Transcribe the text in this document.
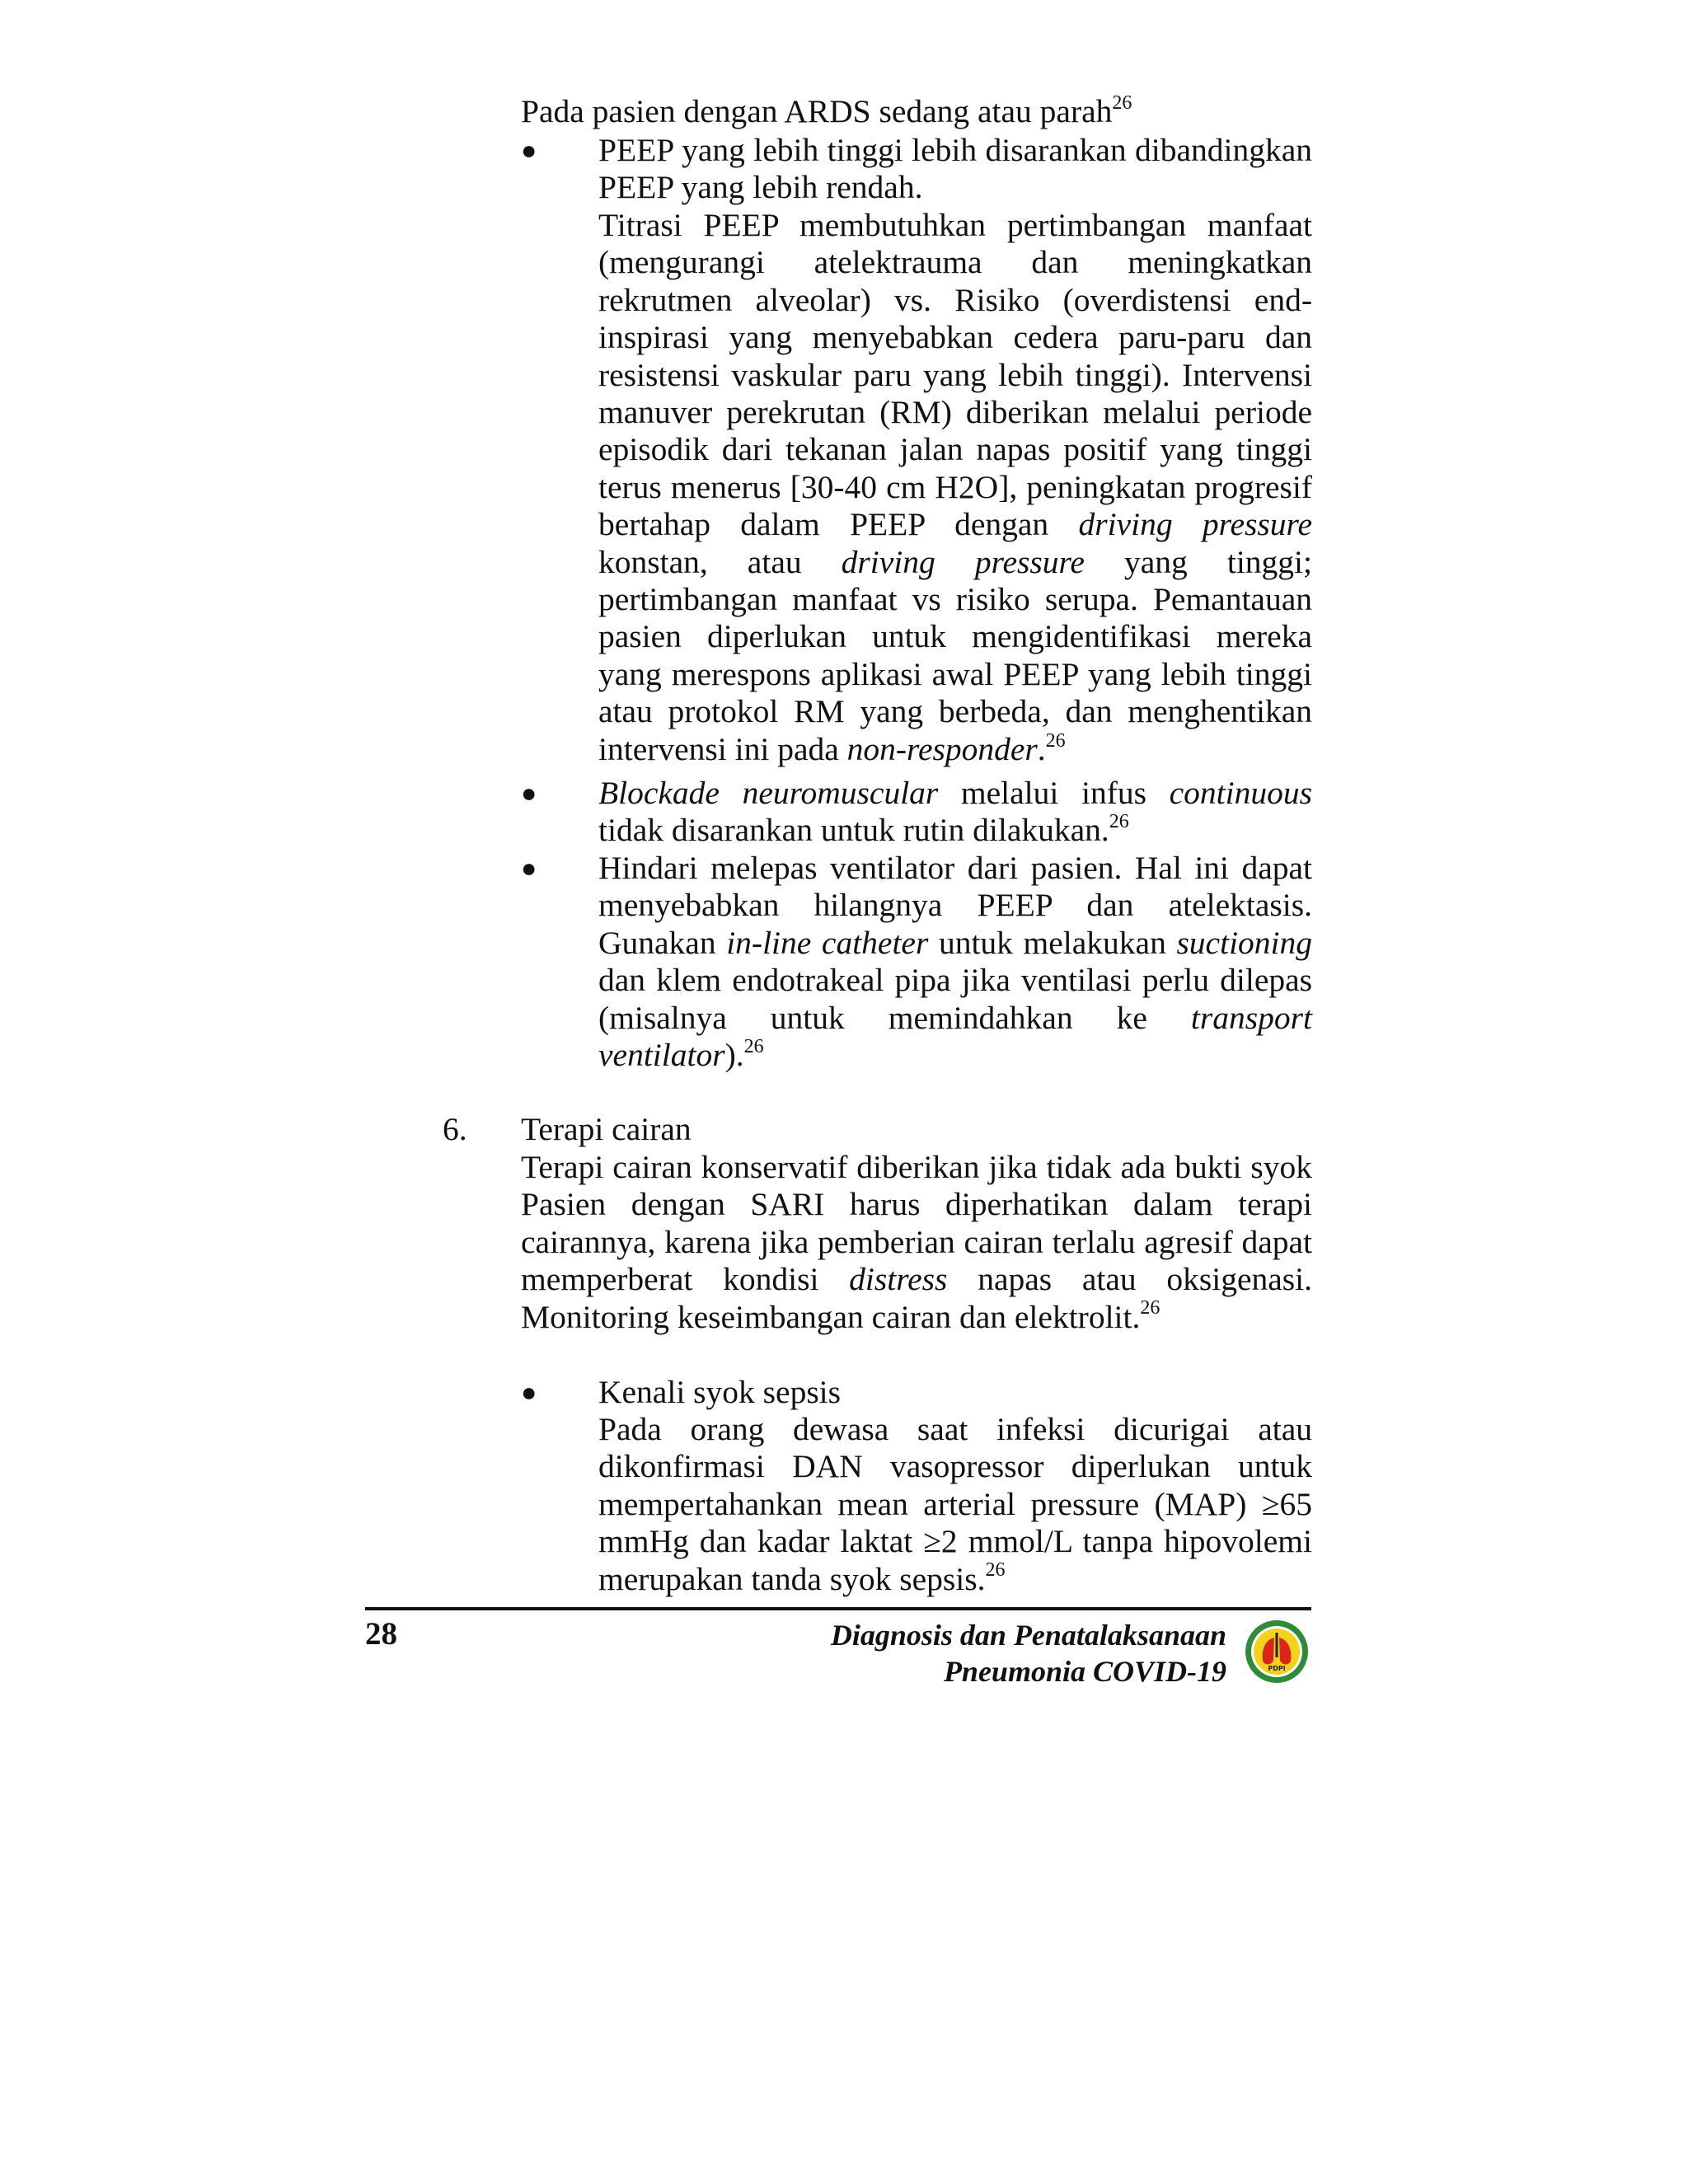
Pada pasien dengan ARDS sedang atau parah$^{26}$
● PEEP yang lebih tinggi lebih disarankan dibandingkan PEEP yang lebih rendah.
Titrasi PEEP membutuhkan pertimbangan manfaat (mengurangi atelektrauma dan meningkatkan rekrutmen alveolar) vs. Risiko (overdistensi end-inspirasi yang menyebabkan cedera paru-paru dan resistensi vaskular paru yang lebih tinggi). Intervensi manuver perekrutan (RM) diberikan melalui periode episodik dari tekanan jalan napas positif yang tinggi terus menerus [30-40 cm H2O], peningkatan progresif bertahap dalam PEEP dengan driving pressure konstan, atau driving pressure yang tinggi; pertimbangan manfaat vs risiko serupa. Pemantauan pasien diperlukan untuk mengidentifikasi mereka yang merespons aplikasi awal PEEP yang lebih tinggi atau protokol RM yang berbeda, dan menghentikan intervensi ini pada non-responder.$^{26}$
● Blockade neuromuscular melalui infus continuous tidak disarankan untuk rutin dilakukan.$^{26}$
● Hindari melepas ventilator dari pasien. Hal ini dapat menyebabkan hilangnya PEEP dan atelektasis. Gunakan in-line catheter untuk melakukan suctioning dan klem endotrakeal pipa jika ventilasi perlu dilepas (misalnya untuk memindahkan ke transport ventilator).$^{26}$
6. Terapi cairan
Terapi cairan konservatif diberikan jika tidak ada bukti syok Pasien dengan SARI harus diperhatikan dalam terapi cairannya, karena jika pemberian cairan terlalu agresif dapat memperberat kondisi distress napas atau oksigenasi. Monitoring keseimbangan cairan dan elektrolit.$^{26}$
● Kenali syok sepsis
Pada orang dewasa saat infeksi dicurigai atau dikonfirmasi DAN vasopressor diperlukan untuk mempertahankan mean arterial pressure (MAP) ≥65 mmHg dan kadar laktat ≥2 mmol/L tanpa hipovolemi merupakan tanda syok sepsis.$^{26}$
28	Diagnosis dan Penatalaksanaan
Pneumonia COVID-19	PDPI
